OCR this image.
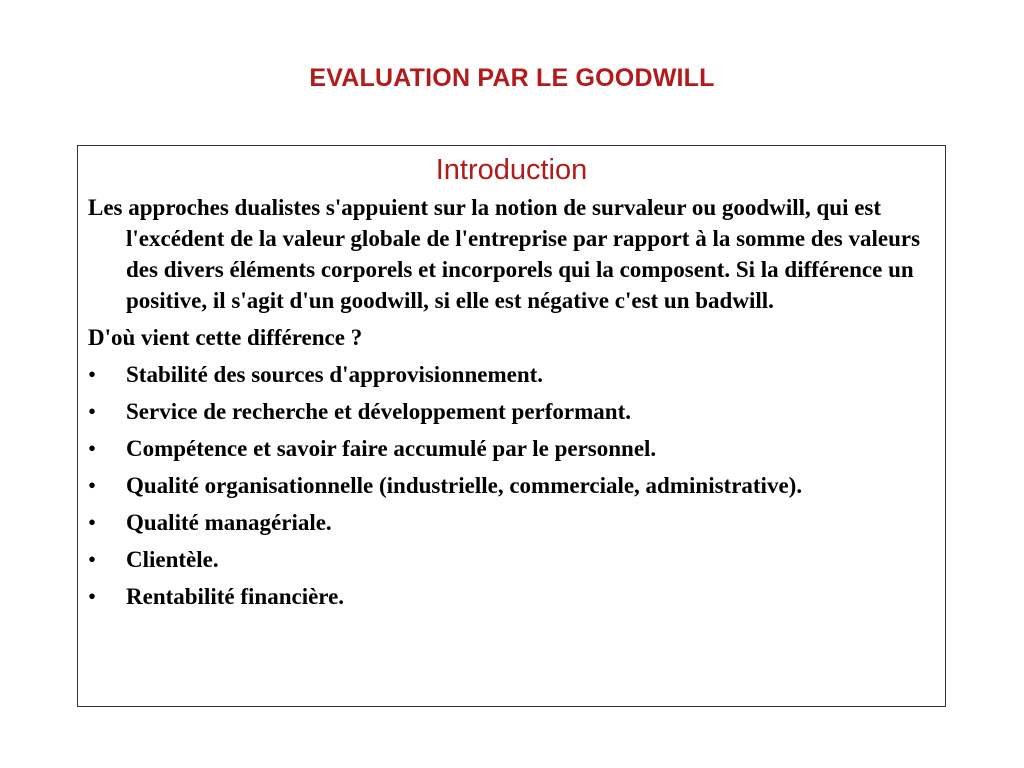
EVALUATION PAR LE GOODWILL
Introduction

Les approches dualistes s'appuient sur la notion de survaleur ou goodwill, qui est l'excédent de la valeur globale de l'entreprise par rapport à la somme des valeurs des divers éléments corporels et incorporels qui la composent. Si la différence un positive, il s'agit d'un goodwill, si elle est négative c'est un badwill.

D'où vient cette différence ?

• Stabilité des sources d'approvisionnement.
• Service de recherche et développement performant.
• Compétence et savoir faire accumulé par le personnel.
• Qualité organisationnelle (industrielle, commerciale, administrative).
• Qualité managériale.
• Clientèle.
• Rentabilité financière.
